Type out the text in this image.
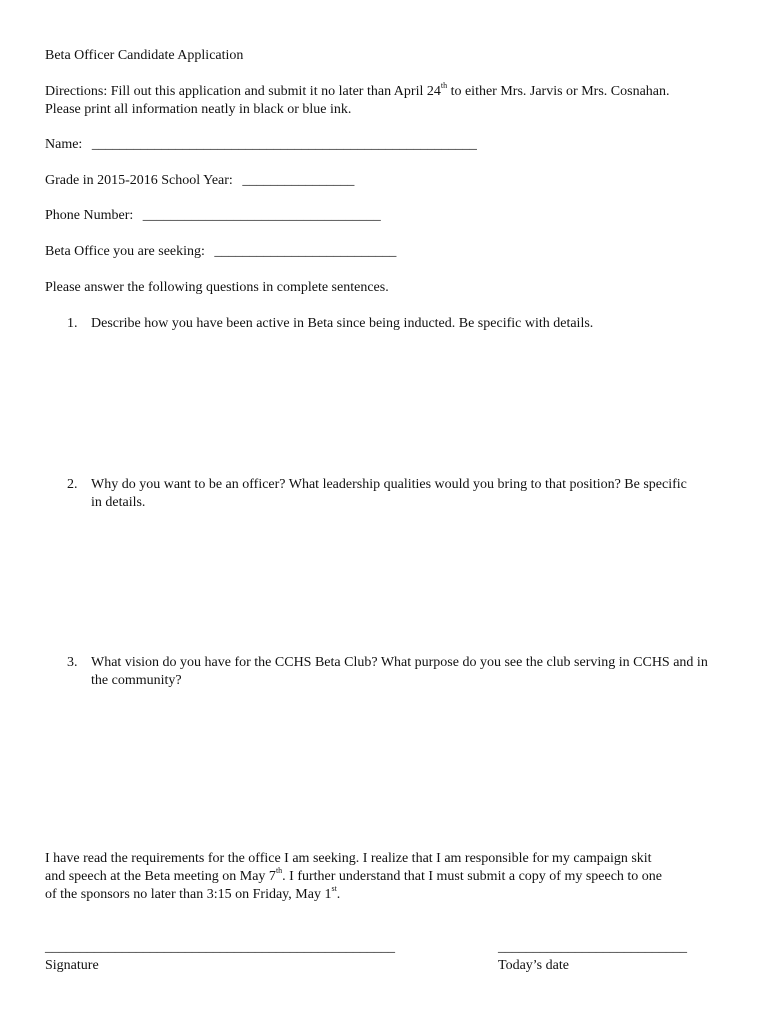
Beta Officer Candidate Application
Directions: Fill out this application and submit it no later than April 24th to either Mrs. Jarvis or Mrs. Cosnahan.
Please print all information neatly in black or blue ink.
Name: _______________________________________________________
Grade in 2015-2016 School Year: ________________
Phone Number: __________________________________
Beta Office you are seeking: __________________________
Please answer the following questions in complete sentences.
1. Describe how you have been active in Beta since being inducted. Be specific with details.
2. Why do you want to be an officer? What leadership qualities would you bring to that position? Be specific in details.
3. What vision do you have for the CCHS Beta Club? What purpose do you see the club serving in CCHS and in the community?
I have read the requirements for the office I am seeking. I realize that I am responsible for my campaign skit
and speech at the Beta meeting on May 7th. I further understand that I must submit a copy of my speech to one
of the sponsors no later than 3:15 on Friday, May 1st.
__________________________________________________
Signature
___________________________
Today’s date
